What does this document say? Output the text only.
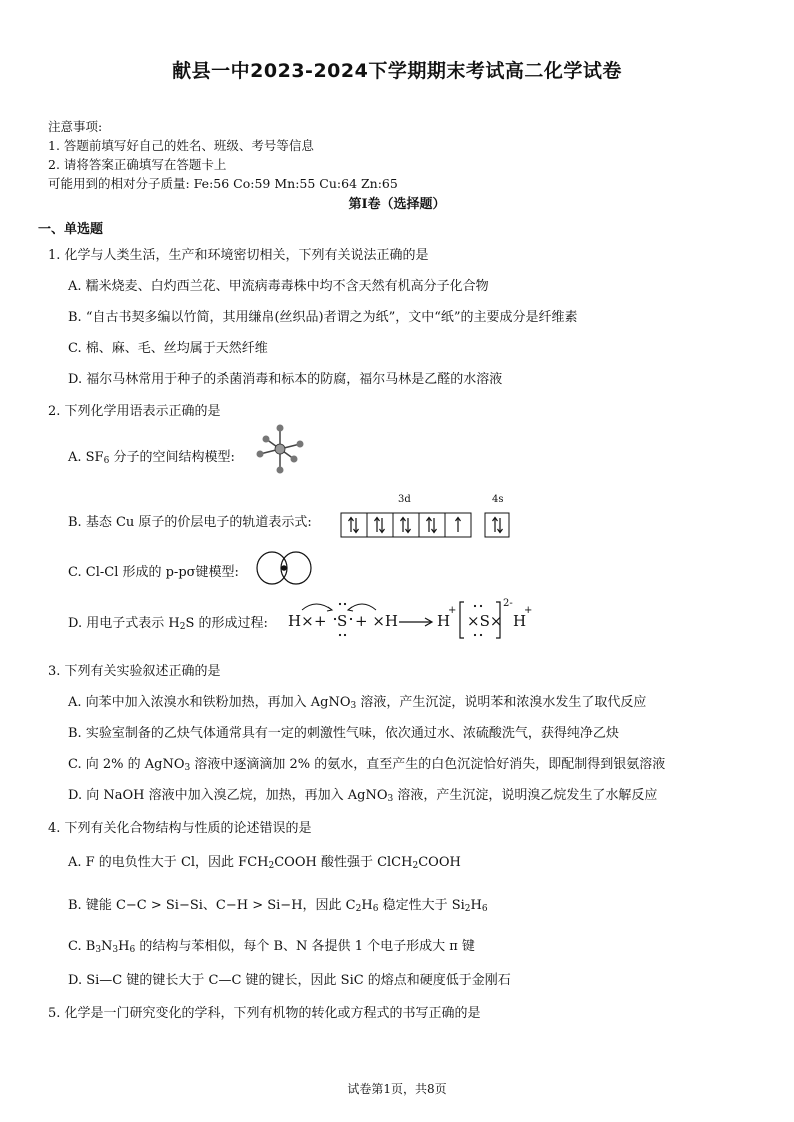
献县一中2023-2024下学期期末考试高二化学试卷
注意事项:
1. 答题前填写好自己的姓名、班级、考号等信息
2. 请将答案正确填写在答题卡上
可能用到的相对分子质量: Fe:56 Co:59 Mn:55 Cu:64 Zn:65
第Ⅰ卷（选择题）
一、单选题
1. 化学与人类生活，生产和环境密切相关，下列有关说法正确的是
A. 糯米烧麦、白灼西兰花、甲流病毒毒株中均不含天然有机高分子化合物
B. “自古书契多编以竹简，其用缣帛(丝织品)者谓之为纸”，文中“纸”的主要成分是纤维素
C. 棉、麻、毛、丝均属于天然纤维
D. 福尔马林常用于种子的杀菌消毒和标本的防腐，福尔马林是乙醛的水溶液
2. 下列化学用语表示正确的是
A. $SF_6$ 分子的空间结构模型:
B. 基态 Cu 原子的价层电子的轨道表示式:
3d	4s
C. Cl-Cl 形成的 p-pσ键模型:
D. 用电子式表示 $H_2S$ 的形成过程: H× + S + ×H	H
+
×S×
2-
H
+
3. 下列有关实验叙述正确的是
A. 向苯中加入浓溴水和铁粉加热，再加入 AgNO$_3$ 溶液，产生沉淀，说明苯和浓溴水发生了取代反应
B. 实验室制备的乙炔气体通常具有一定的刺激性气味，依次通过水、浓硫酸洗气，获得纯净乙炔
C. 向 2% 的 AgNO$_3$ 溶液中逐滴滴加 2% 的氨水，直至产生的白色沉淀恰好消失，即配制得到银氨溶液
D. 向 NaOH 溶液中加入溴乙烷，加热，再加入 AgNO$_3$ 溶液，产生沉淀，说明溴乙烷发生了水解反应
4. 下列有关化合物结构与性质的论述错误的是
A. F 的电负性大于 Cl，因此 $FCH_2COOH$ 酸性强于 ClCH$_2$COOH
B. 键能 C−C > Si−Si、C−H > Si−H，因此 $C_2H_6$ 稳定性大于 $Si_2H_6$
C. $B_3N_3H_6$ 的结构与苯相似，每个 B、N 各提供 1 个电子形成大 π 键
D. Si—C 键的键长大于 C—C 键的键长，因此 SiC 的熔点和硬度低于金刚石
5. 化学是一门研究变化的学科，下列有机物的转化或方程式的书写正确的是
试卷第1页，共8页
